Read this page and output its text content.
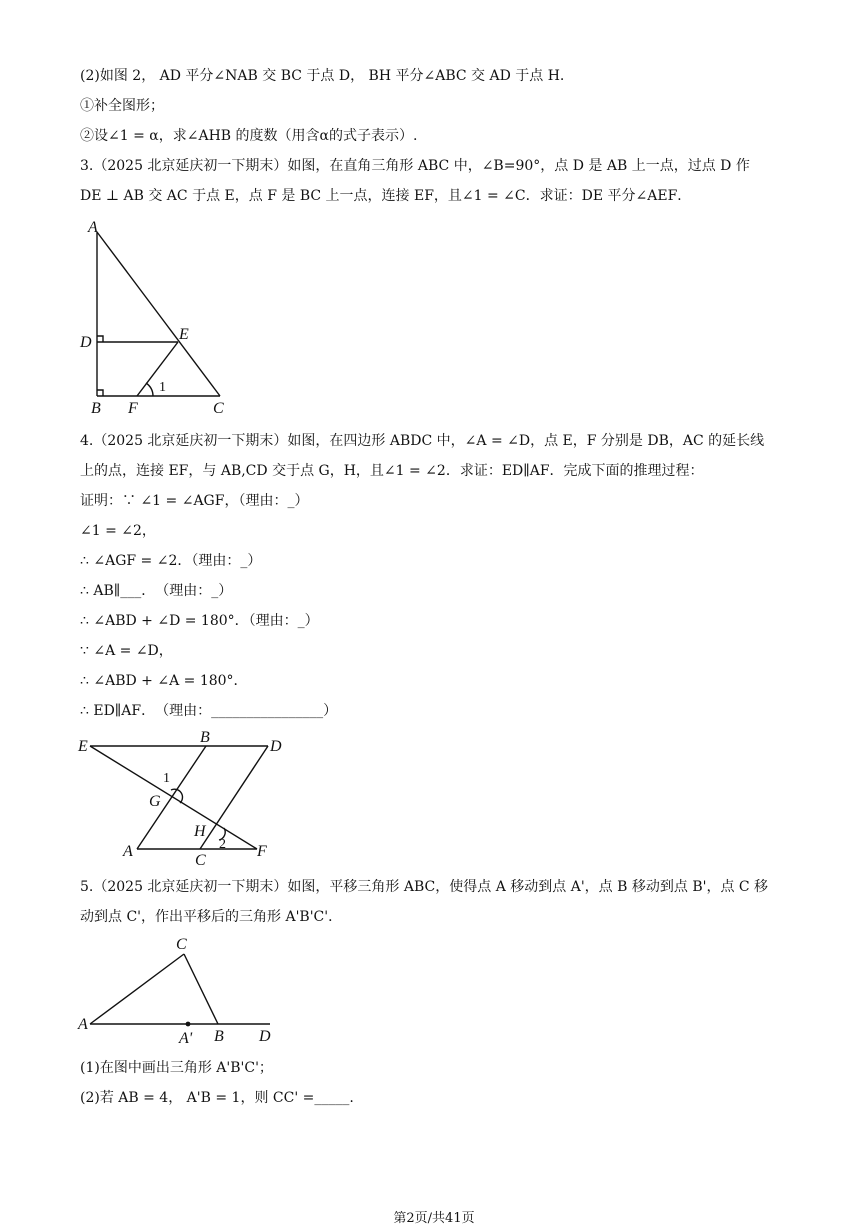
(2)如图 2， AD 平分∠NAB 交 BC 于点 D， BH 平分∠ABC 交 AD 于点 H.
①补全图形；
②设∠1 = α，求∠AHB 的度数（用含α的式子表示）.
3.（2025 北京延庆初一下期末）如图，在直角三角形 ABC 中，∠B=90°，点 D 是 AB 上一点，过点 D 作
DE ⊥ AB 交 AC 于点 E，点 F 是 BC 上一点，连接 EF，且∠1 = ∠C．求证：DE 平分∠AEF．
A
D	E
B F	C
1
4.（2025 北京延庆初一下期末）如图，在四边形 ABDC 中，∠A = ∠D，点 E，F 分别是 DB，AC 的延长线
上的点，连接 EF，与 AB,CD 交于点 G，H，且∠1 = ∠2．求证：ED∥AF．完成下面的推理过程：
证明：∵ ∠1 = ∠AGF，（理由：_）
∠1 = ∠2，
∴ ∠AGF = ∠2．（理由：_）
∴ AB∥___．　（理由：_）
∴ ∠ABD + ∠D = 180°．（理由：_）
∵ ∠A = ∠D，
∴ ∠ABD + ∠A = 180°．
∴ ED∥AF．　（理由：________________）
E
B
D
1
G
H
2
A
C
F
5.（2025 北京延庆初一下期末）如图，平移三角形 ABC，使得点 A 移动到点 A'，点 B 移动到点 B'，点 C 移
动到点 C'，作出平移后的三角形 A'B'C'．
C
A
A' B D
(1)在图中画出三角形 A'B'C'；
(2)若 AB = 4， A'B = 1，则 CC' =_____.
第2页/共41页
